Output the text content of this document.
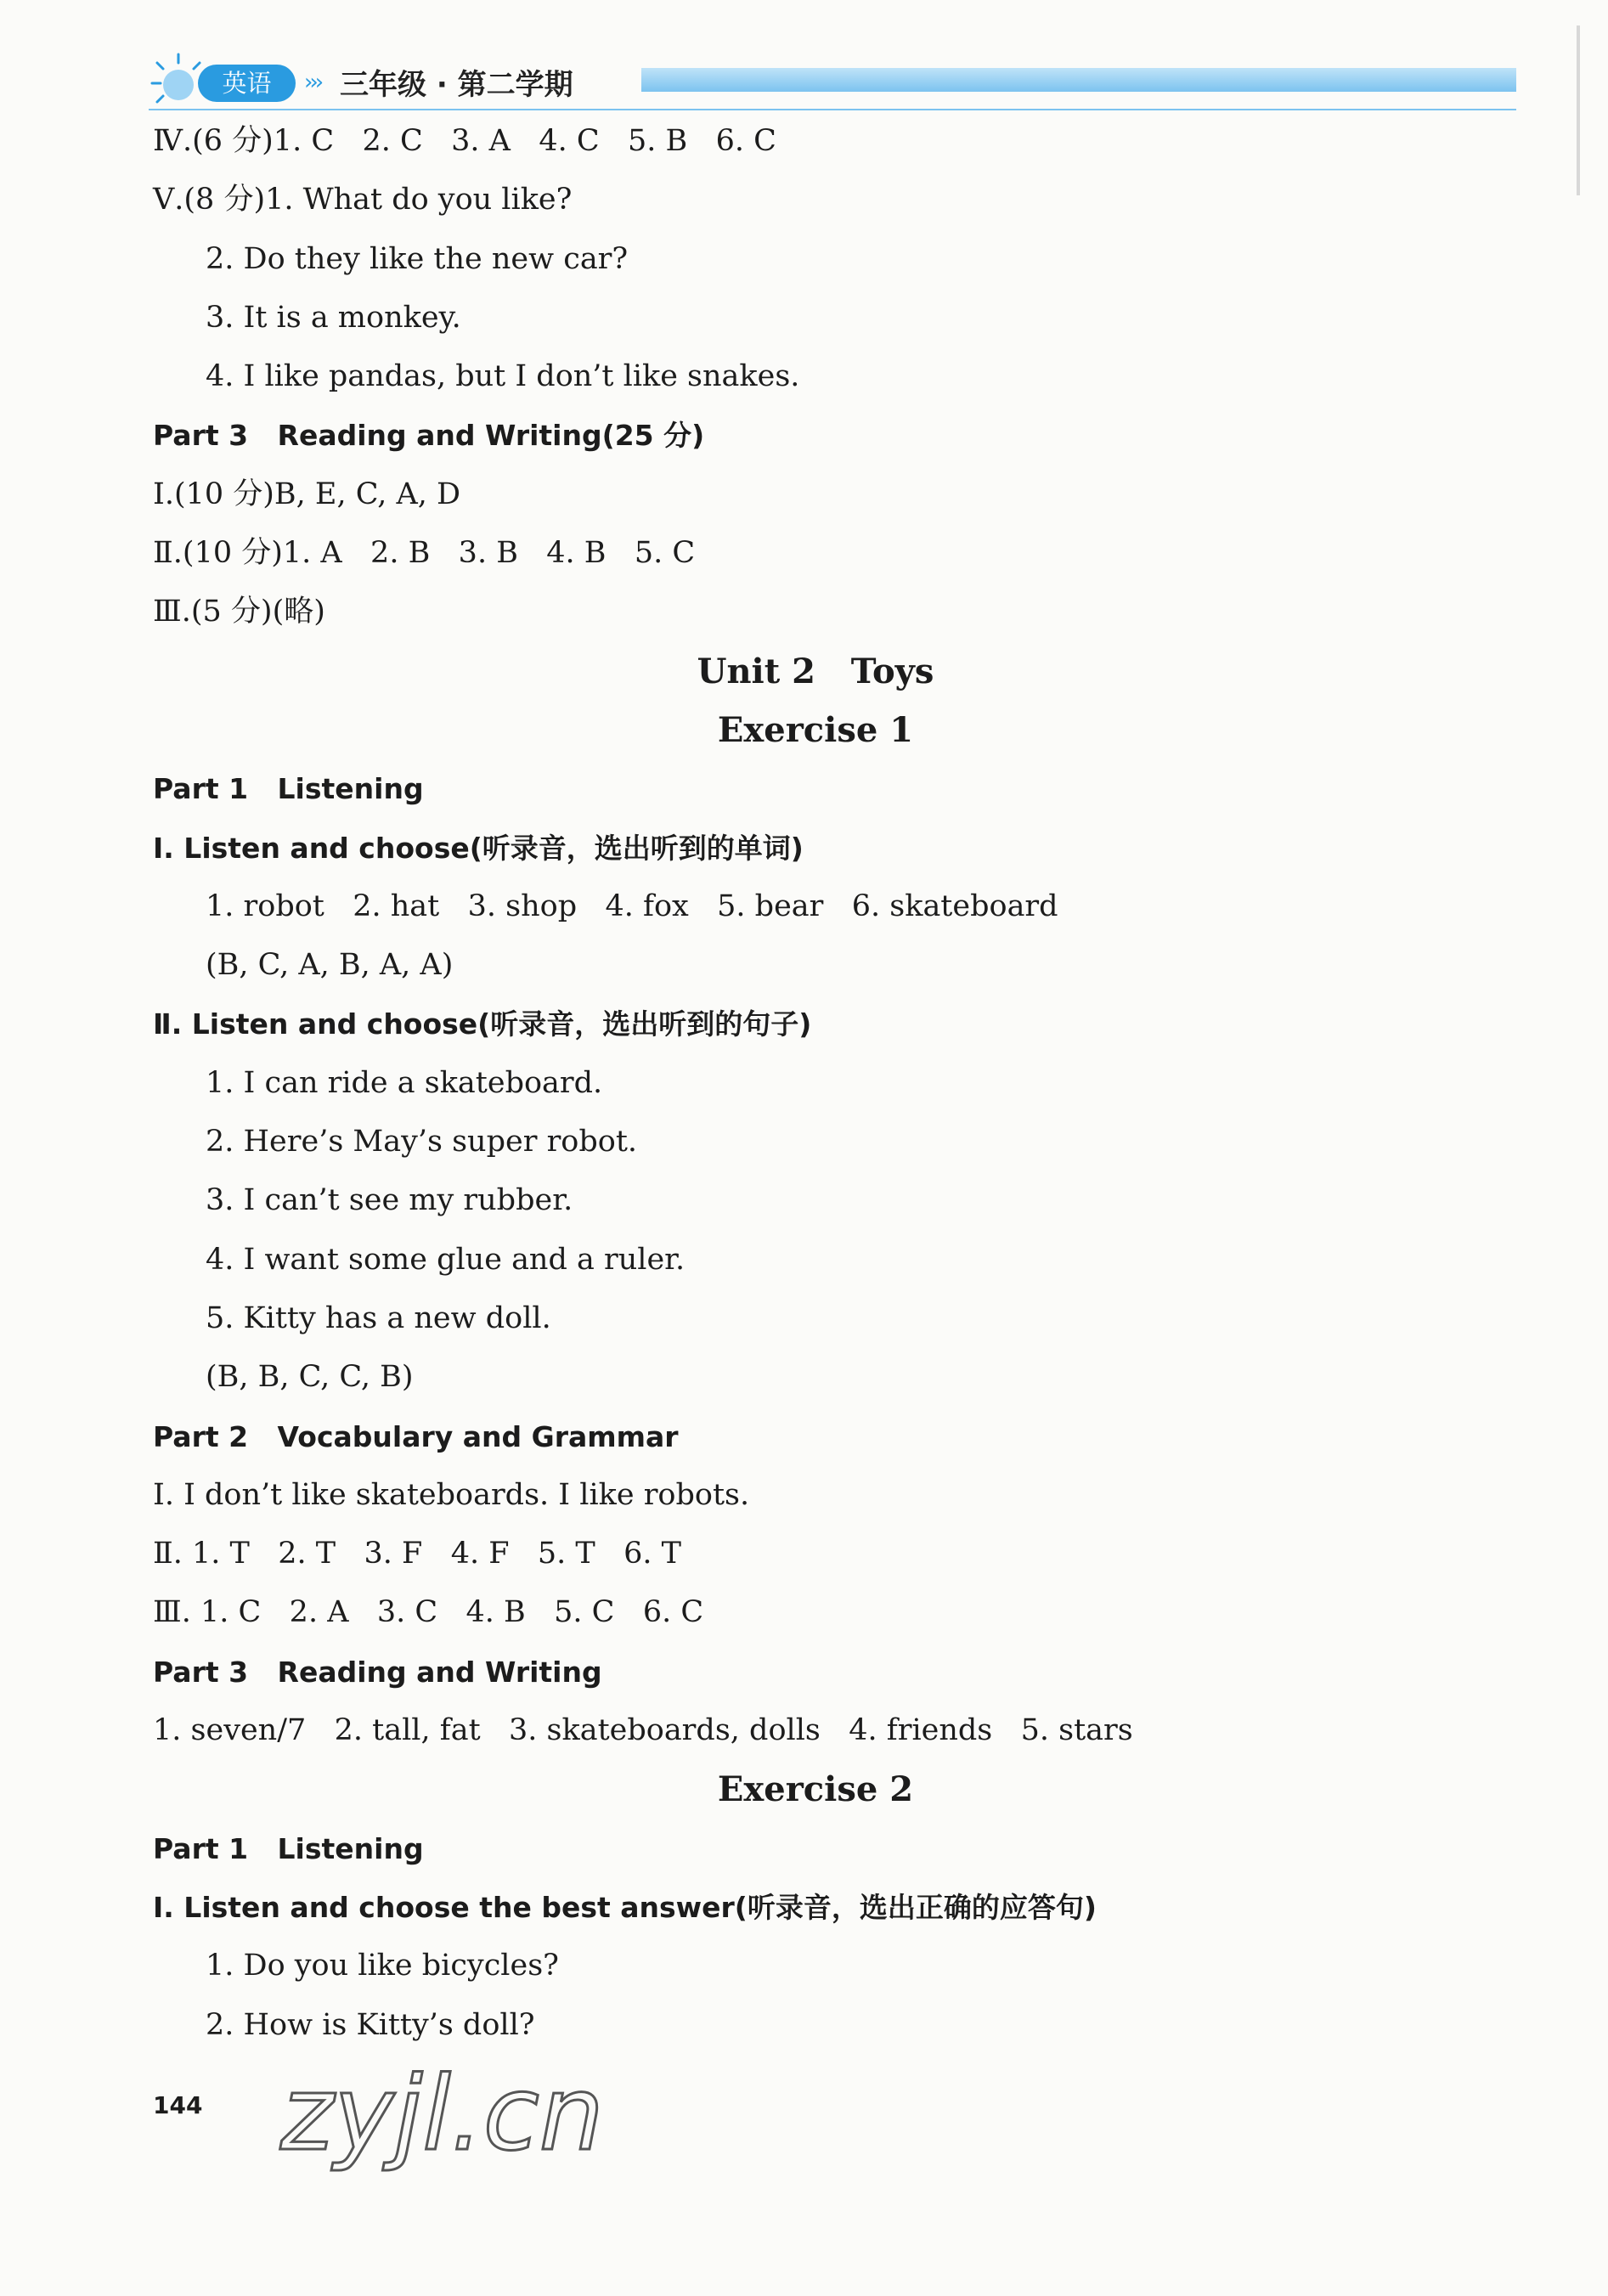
英语	››› 三年级 · 第二学期
Ⅳ.(6 分)1. C   2. C   3. A   4. C   5. B   6. C
Ⅴ.(8 分)1. What do you like?
2. Do they like the new car?
3. It is a monkey.
4. I like pandas, but I don’t like snakes.
Part 3   Reading and Writing(25 分)
Ⅰ.(10 分)B, E, C, A, D
Ⅱ.(10 分)1. A   2. B   3. B   4. B   5. C
Ⅲ.(5 分)(略)
Unit 2   Toys
Exercise 1
Part 1   Listening
Ⅰ. Listen and choose(听录音，选出听到的单词)
1. robot   2. hat   3. shop   4. fox   5. bear   6. skateboard
(B, C, A, B, A, A)
Ⅱ. Listen and choose(听录音，选出听到的句子)
1. I can ride a skateboard.
2. Here’s May’s super robot.
3. I can’t see my rubber.
4. I want some glue and a ruler.
5. Kitty has a new doll.
(B, B, C, C, B)
Part 2   Vocabulary and Grammar
Ⅰ. I don’t like skateboards. I like robots.
Ⅱ. 1. T   2. T   3. F   4. F   5. T   6. T
Ⅲ. 1. C   2. A   3. C   4. B   5. C   6. C
Part 3   Reading and Writing
1. seven/7   2. tall, fat   3. skateboards, dolls   4. friends   5. stars
Exercise 2
Part 1   Listening
Ⅰ. Listen and choose the best answer(听录音，选出正确的应答句)
1. Do you like bicycles?
2. How is Kitty’s doll?
144 zyjl.cn
